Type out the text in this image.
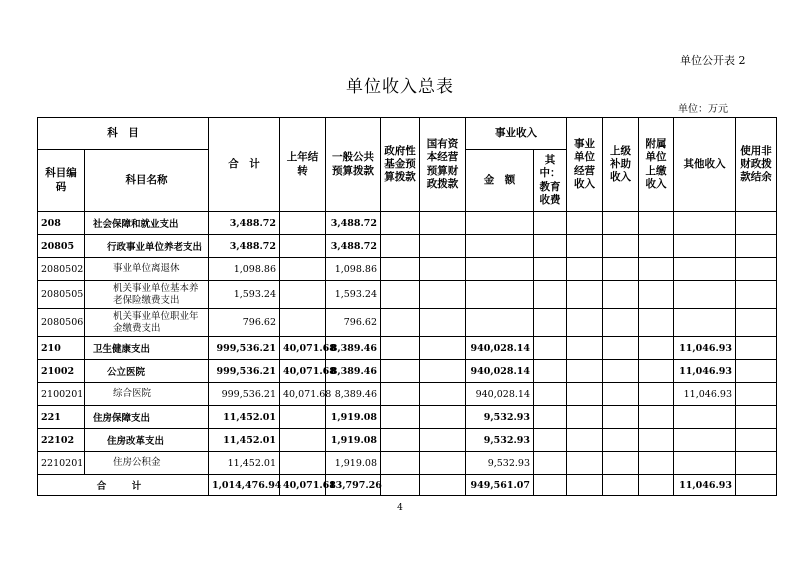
单位公开表 2
单位收入总表
单位：万元
科　目		合　计	上年结转	一般公共预算拨款	政府性基金预算拨款	国有资本经营预算财政拨款	事业收入		事业单位经营收入	上级补助收入	附属单位上缴收入	其他收入	使用非财政拨款结余
科目编码	科目名称						金　额	其中：教育收费					
208	社会保障和就业支出	3,488.72		3,488.72									
20805	行政事业单位养老支出	3,488.72		3,488.72									
2080502	事业单位离退休	1,098.86		1,098.86									
2080505	机关事业单位基本养老保险缴费支出	1,593.24		1,593.24									
2080506	机关事业单位职业年金缴费支出	796.62		796.62									
210	卫生健康支出	999,536.21	40,071.68	8,389.46			940,028.14					11,046.93	
21002	公立医院	999,536.21	40,071.68	8,389.46			940,028.14					11,046.93	
2100201	综合医院	999,536.21	40,071.68	8,389.46			940,028.14					11,046.93	
221	住房保障支出	11,452.01		1,919.08			9,532.93						
22102	住房改革支出	11,452.01		1,919.08			9,532.93						
2210201	住房公积金	11,452.01		1,919.08			9,532.93						
合　计		1,014,476.94	40,071.68	13,797.26			949,561.07					11,046.93	
4
